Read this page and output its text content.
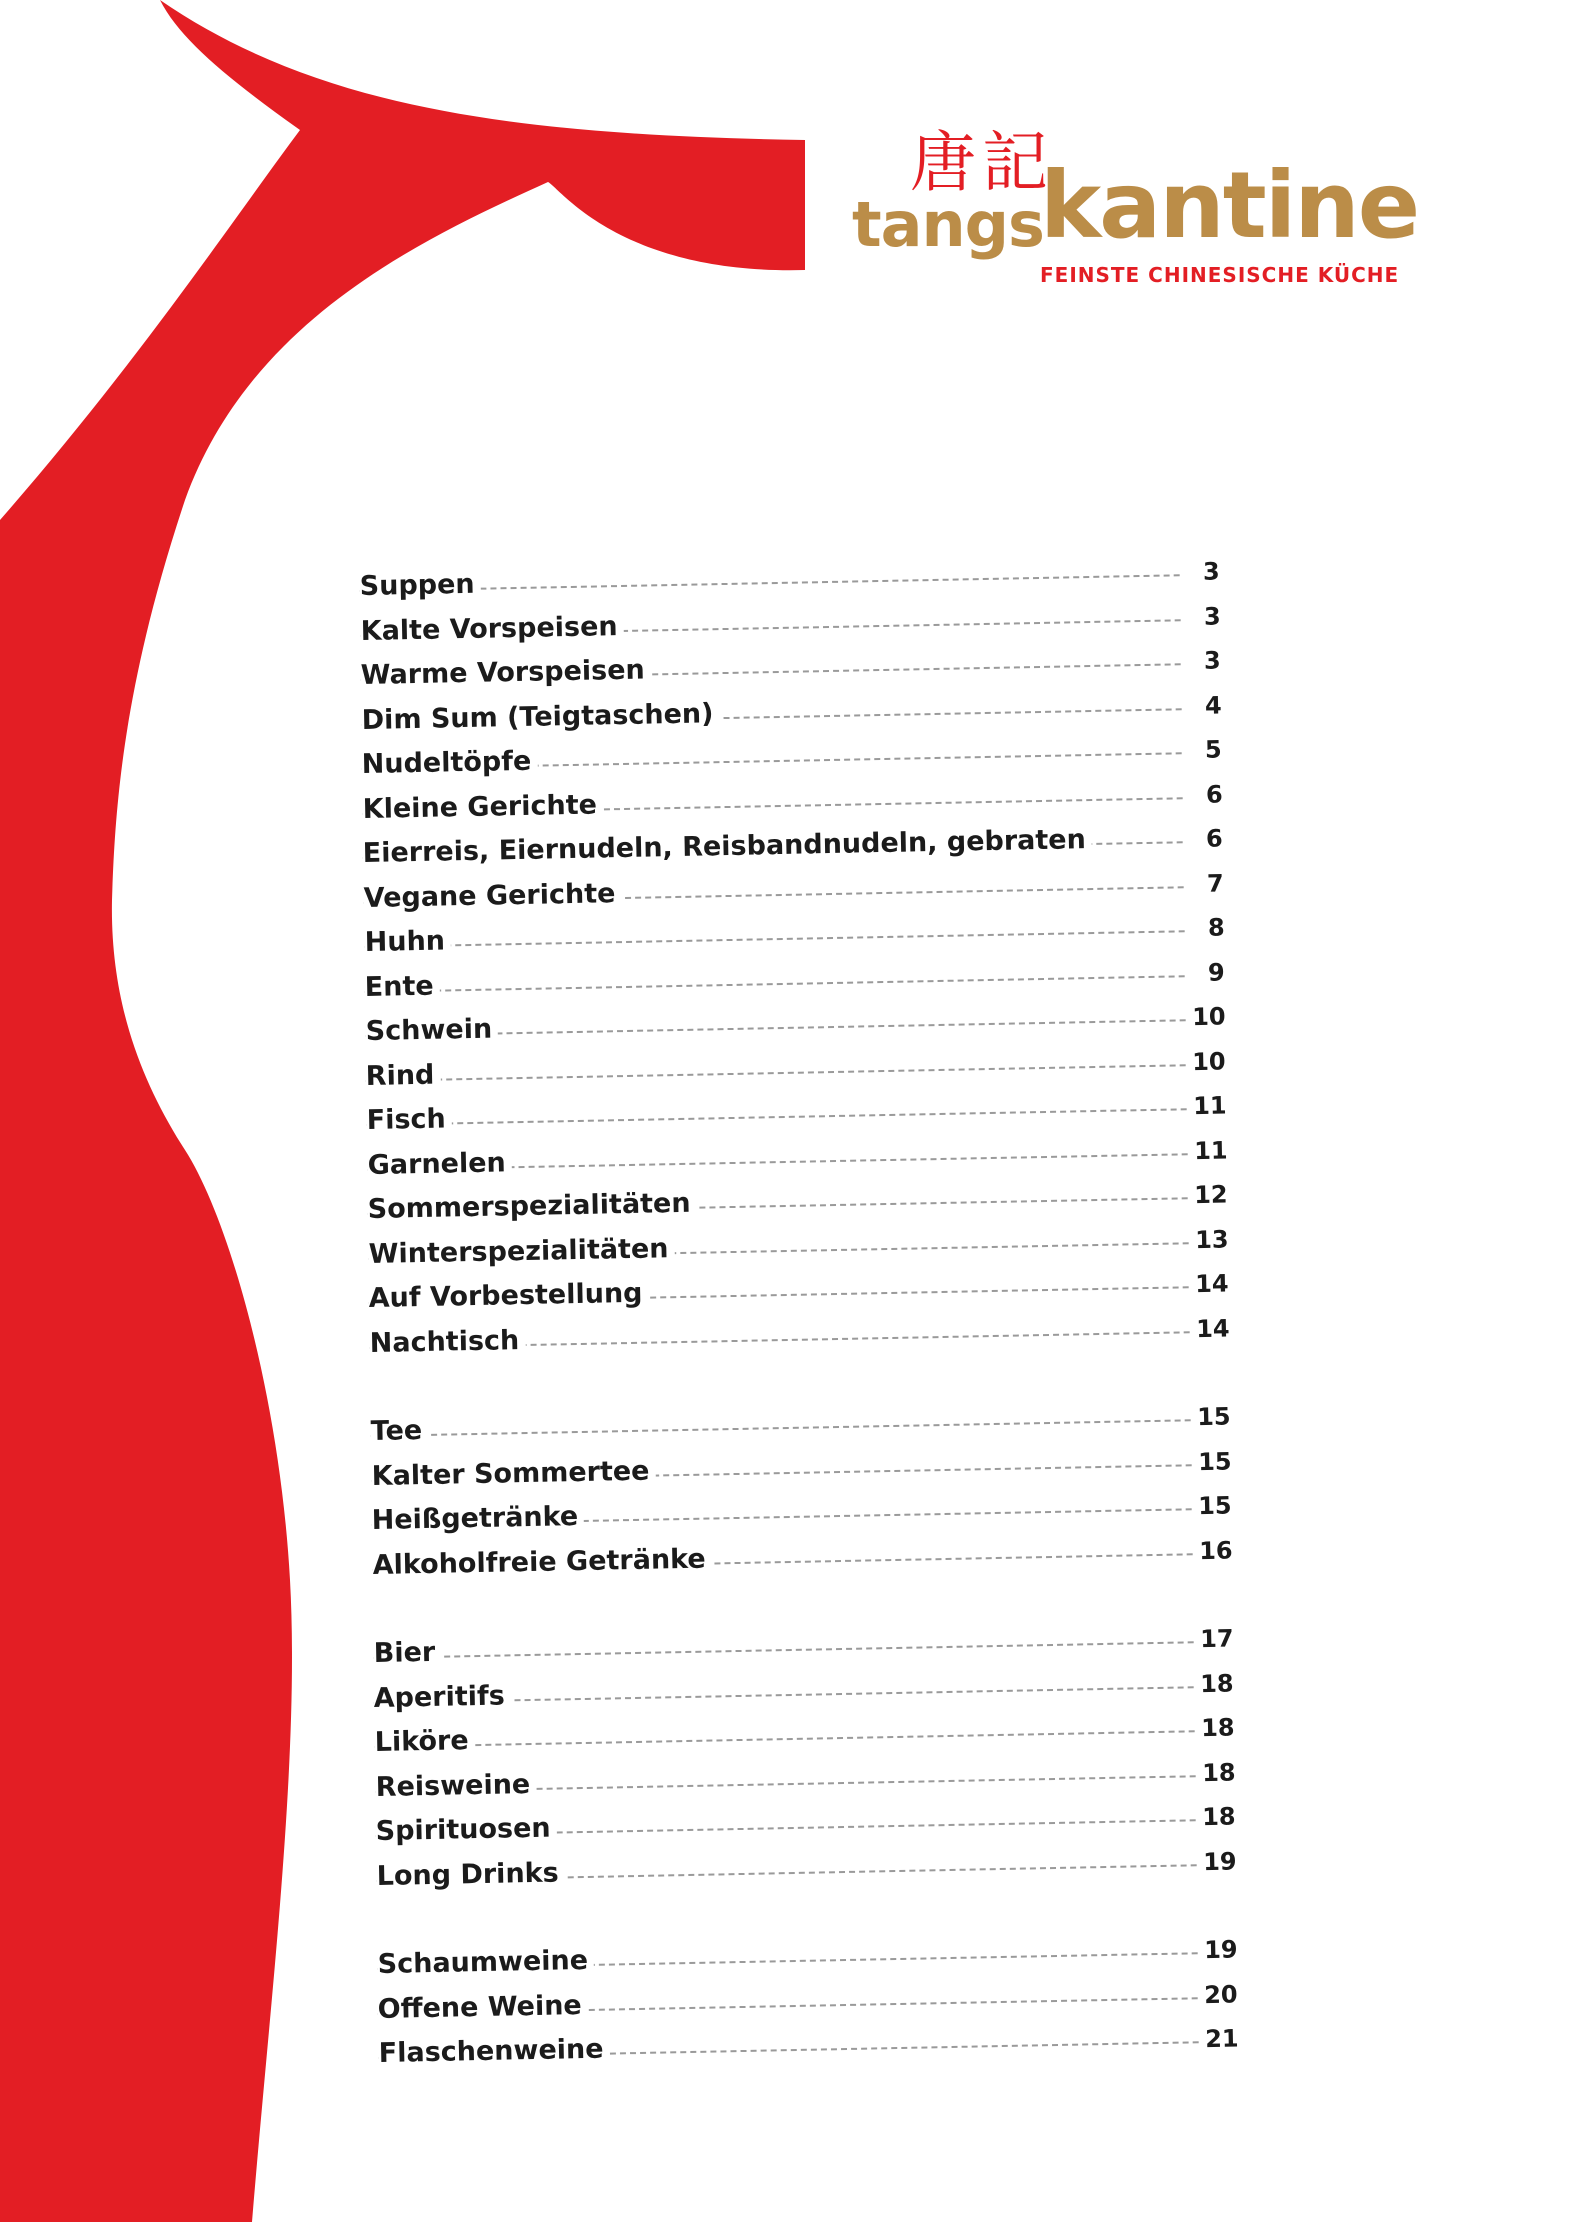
唐記
tangs
kantine
FEINSTE CHINESISCHE KÜCHE
Suppen	3
Kalte Vorspeisen	3
Warme Vorspeisen	3
Dim Sum (Teigtaschen)	4
Nudeltöpfe	5
Kleine Gerichte	6
Eierreis, Eiernudeln, Reisbandnudeln, gebraten	6
Vegane Gerichte	7
Huhn	8
Ente	9
Schwein	10
Rind	10
Fisch	11
Garnelen	11
Sommerspezialitäten	12
Winterspezialitäten	13
Auf Vorbestellung	14
Nachtisch	14
Tee	15
Kalter Sommertee	15
Heißgetränke	15
Alkoholfreie Getränke	16
Bier	17
Aperitifs	18
Liköre	18
Reisweine	18
Spirituosen	18
Long Drinks	19
Schaumweine	19
Offene Weine	20
Flaschenweine	21
